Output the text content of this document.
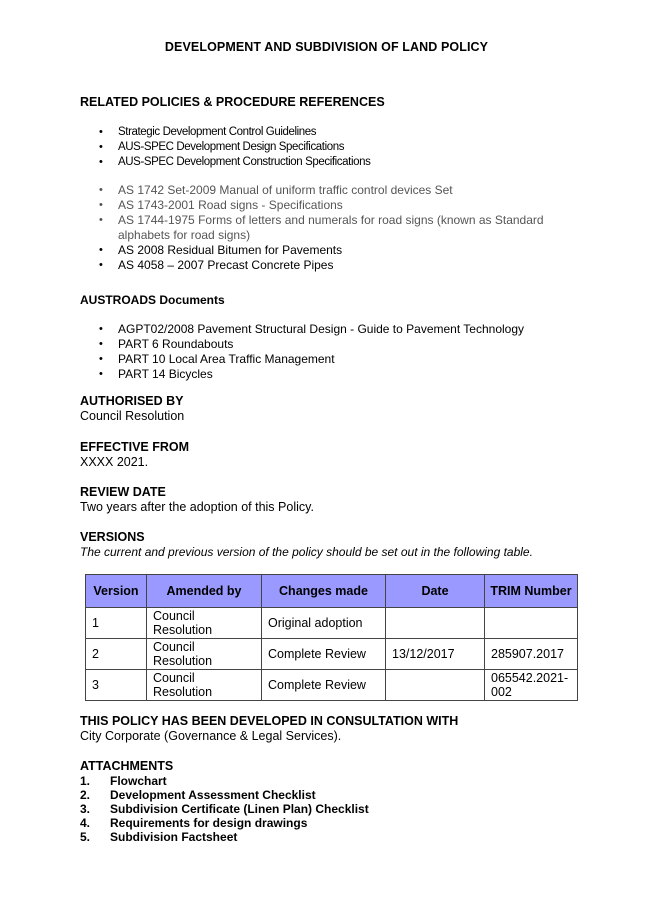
DEVELOPMENT AND SUBDIVISION OF LAND POLICY
RELATED POLICIES & PROCEDURE REFERENCES
• Strategic Development Control Guidelines
• AUS-SPEC Development Design Specifications
• AUS-SPEC Development Construction Specifications
• AS 1742 Set-2009 Manual of uniform traffic control devices Set
• AS 1743-2001 Road signs - Specifications
• AS 1744-1975 Forms of letters and numerals for road signs (known as Standard alphabets for road signs)
• AS 2008 Residual Bitumen for Pavements
• AS 4058 – 2007 Precast Concrete Pipes
AUSTROADS Documents
• AGPT02/2008 Pavement Structural Design - Guide to Pavement Technology
• PART 6 Roundabouts
• PART 10 Local Area Traffic Management
• PART 14 Bicycles
AUTHORISED BY
Council Resolution
EFFECTIVE FROM
XXXX 2021.
REVIEW DATE
Two years after the adoption of this Policy.
VERSIONS
The current and previous version of the policy should be set out in the following table.
Version	Amended by	Changes made	Date	TRIM Number
1	Council Resolution	Original adoption		
2	Council Resolution	Complete Review	13/12/2017	285907.2017
3	Council Resolution	Complete Review		065542.2021-002
THIS POLICY HAS BEEN DEVELOPED IN CONSULTATION WITH
City Corporate (Governance & Legal Services).
ATTACHMENTS
1. Flowchart
2. Development Assessment Checklist
3. Subdivision Certificate (Linen Plan) Checklist
4. Requirements for design drawings
5. Subdivision Factsheet
